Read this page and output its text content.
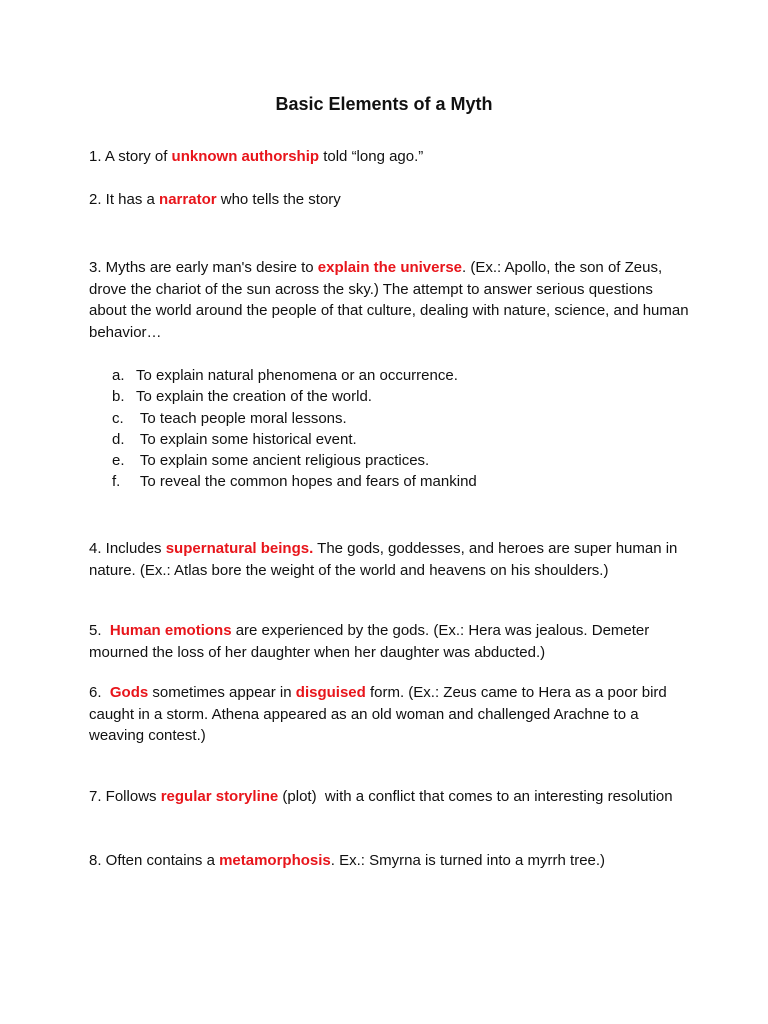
Basic Elements of a Myth
1. A story of unknown authorship told “long ago.”
2. It has a narrator who tells the story
3. Myths are early man's desire to explain the universe. (Ex.: Apollo, the son of Zeus, drove the chariot of the sun across the sky.) The attempt to answer serious questions about the world around the people of that culture, dealing with nature, science, and human behavior…
a. To explain natural phenomena or an occurrence.
b. To explain the creation of the world.
c. To teach people moral lessons.
d. To explain some historical event.
e. To explain some ancient religious practices.
f.	To reveal the common hopes and fears of mankind
4. Includes supernatural beings. The gods, goddesses, and heroes are super human in nature. (Ex.: Atlas bore the weight of the world and heavens on his shoulders.)
5.  Human emotions are experienced by the gods. (Ex.: Hera was jealous. Demeter mourned the loss of her daughter when her daughter was abducted.)
6.  Gods sometimes appear in disguised form. (Ex.: Zeus came to Hera as a poor bird caught in a storm. Athena appeared as an old woman and challenged Arachne to a weaving contest.)
7. Follows regular storyline (plot)  with a conflict that comes to an interesting resolution
8. Often contains a metamorphosis. Ex.: Smyrna is turned into a myrrh tree.)
